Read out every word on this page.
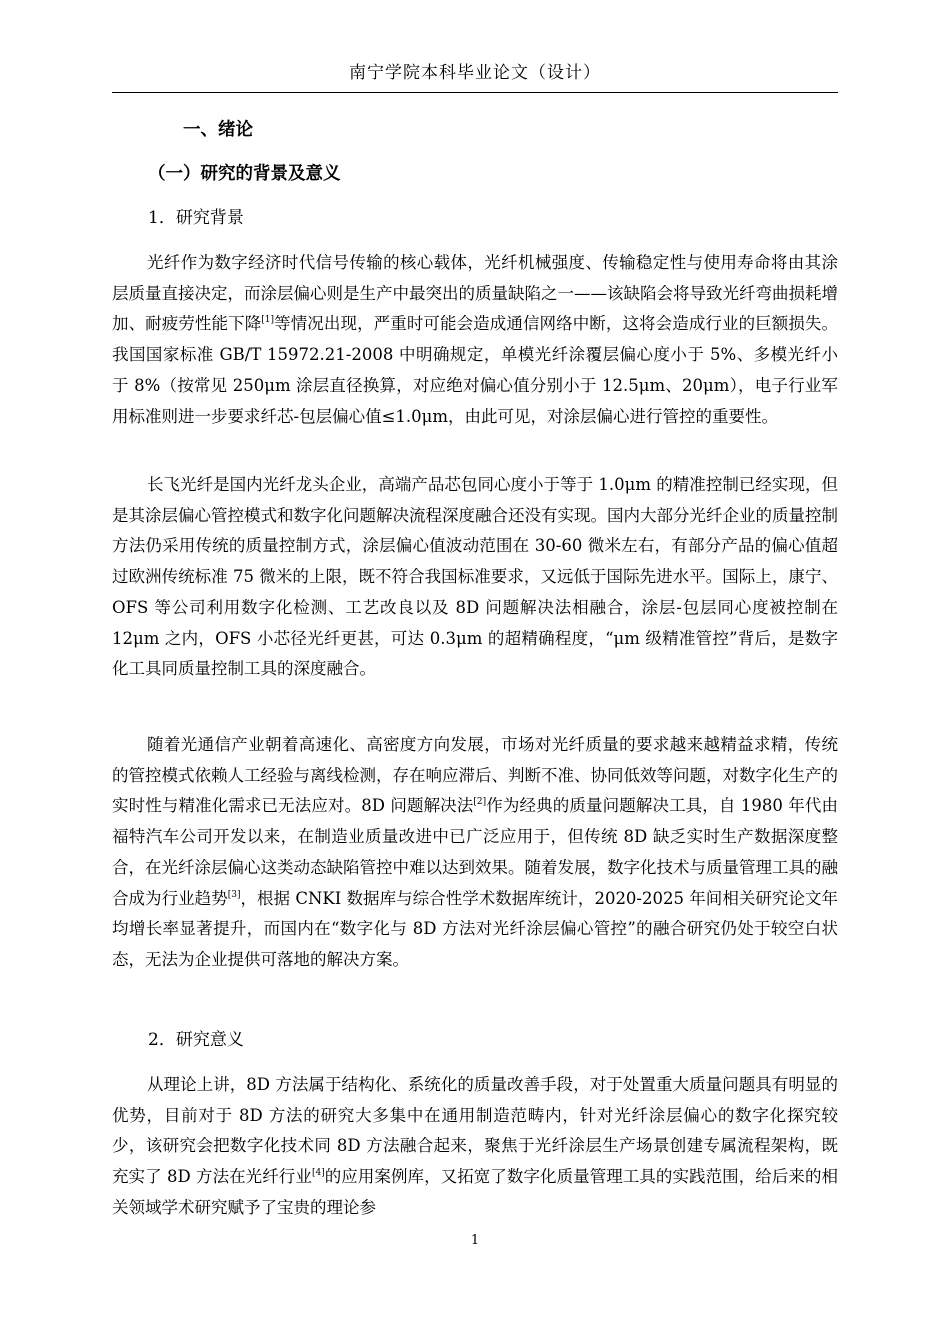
南宁学院本科毕业论文（设计）
一、绪论
（一）研究的背景及意义
1．研究背景

光纤作为数字经济时代信号传输的核心载体，光纤机械强度、传输稳定性与使用寿命将由其涂层质量直接决定，而涂层偏心则是生产中最突出的质量缺陷之一——该缺陷会将导致光纤弯曲损耗增加、耐疲劳性能下降[1]等情况出现，严重时可能会造成通信网络中断，这将会造成行业的巨额损失。我国国家标准 GB/T 15972.21-2008 中明确规定，单模光纤涂覆层偏心度小于 5%、多模光纤小于 8%（按常见 250μm 涂层直径换算，对应绝对偏心值分别小于 12.5μm、20μm），电子行业军用标准则进一步要求纤芯-包层偏心值≤1.0μm，由此可见，对涂层偏心进行管控的重要性。

长飞光纤是国内光纤龙头企业，高端产品芯包同心度小于等于 1.0μm 的精准控制已经实现，但是其涂层偏心管控模式和数字化问题解决流程深度融合还没有实现。国内大部分光纤企业的质量控制方法仍采用传统的质量控制方式，涂层偏心值波动范围在 30-60 微米左右，有部分产品的偏心值超过欧洲传统标准 75 微米的上限，既不符合我国标准要求，又远低于国际先进水平。国际上，康宁、OFS 等公司利用数字化检测、工艺改良以及 8D 问题解决法相融合，涂层-包层同心度被控制在 12μm 之内，OFS 小芯径光纤更甚，可达 0.3μm 的超精确程度，“μm 级精准管控”背后，是数字化工具同质量控制工具的深度融合。

随着光通信产业朝着高速化、高密度方向发展，市场对光纤质量的要求越来越精益求精，传统的管控模式依赖人工经验与离线检测，存在响应滞后、判断不准、协同低效等问题，对数字化生产的实时性与精准化需求已无法应对。8D 问题解决法[2]作为经典的质量问题解决工具，自 1980 年代由福特汽车公司开发以来，在制造业质量改进中已广泛应用于，但传统 8D 缺乏实时生产数据深度整合，在光纤涂层偏心这类动态缺陷管控中难以达到效果。随着发展，数字化技术与质量管理工具的融合成为行业趋势[3]，根据 CNKI 数据库与综合性学术数据库统计，2020-2025 年间相关研究论文年均增长率显著提升，而国内在“数字化与 8D 方法对光纤涂层偏心管控”的融合研究仍处于较空白状态，无法为企业提供可落地的解决方案。

2．研究意义

从理论上讲，8D 方法属于结构化、系统化的质量改善手段，对于处置重大质量问题具有明显的优势，目前对于 8D 方法的研究大多集中在通用制造范畴内，针对光纤涂层偏心的数字化探究较少，该研究会把数字化技术同 8D 方法融合起来，聚焦于光纤涂层生产场景创建专属流程架构，既充实了 8D 方法在光纤行业[4]的应用案例库，又拓宽了数字化质量管理工具的实践范围，给后来的相关领域学术研究赋予了宝贵的理论参

1
